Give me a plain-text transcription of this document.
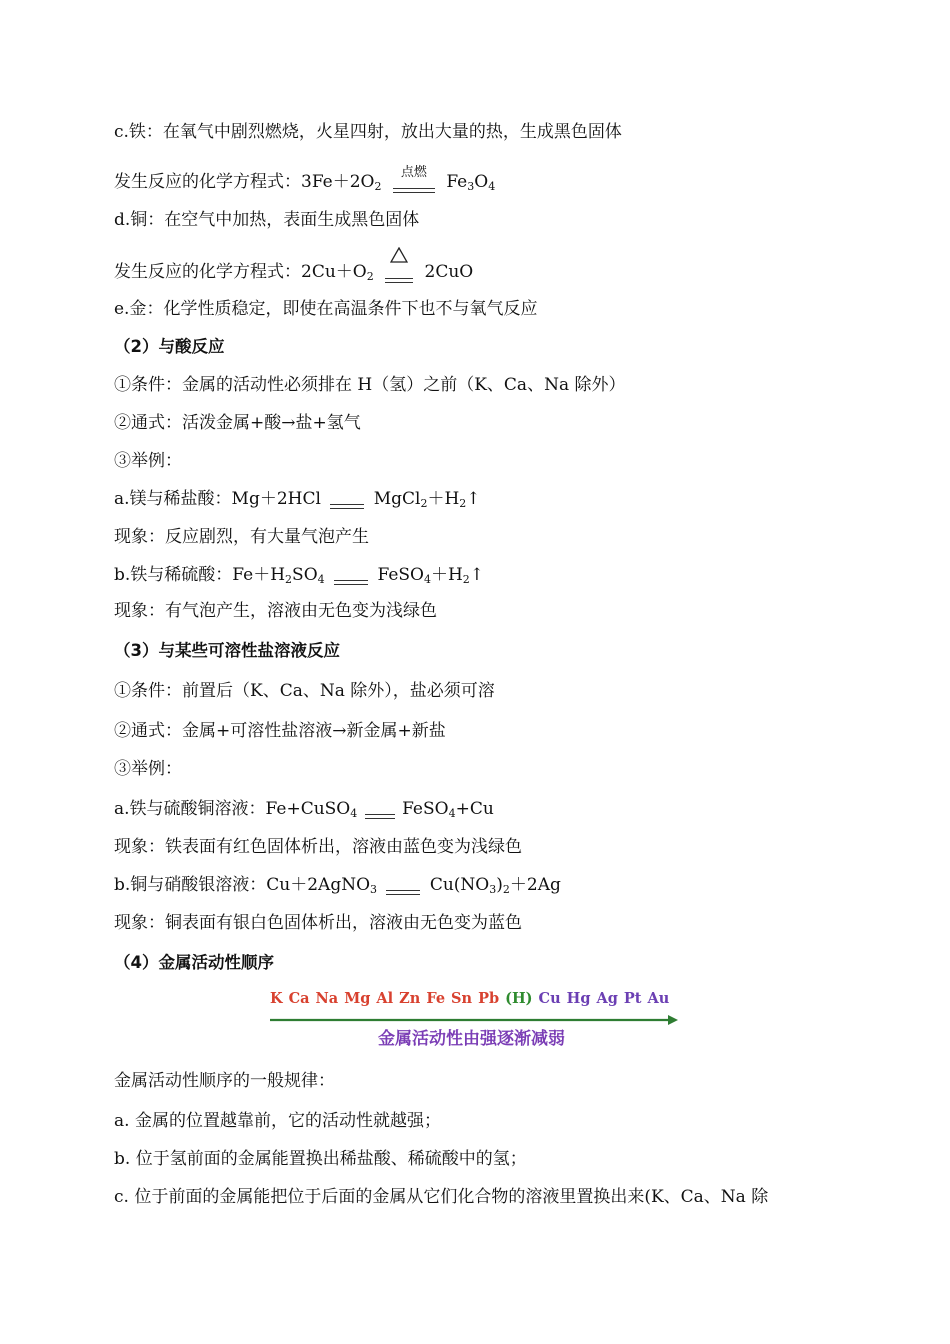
c.铁：在氧气中剧烈燃烧，火星四射，放出大量的热，生成黑色固体
发生反应的化学方程式：$3Fe+2O_2$
点燃	$Fe_3O_4$
d.铜：在空气中加热，表面生成黑色固体
发生反应的化学方程式：$2Cu+O_2$	2CuO
e.金：化学性质稳定，即使在高温条件下也不与氧气反应
（2）与酸反应
①条件：金属的活动性必须排在 H（氢）之前（K、Ca、Na 除外）
②通式：活泼金属+酸→盐+氢气
③举例：
a.镁与稀盐酸：Mg＋2HCl	$MgCl_2+H_2↑$
现象：反应剧烈，有大量气泡产生
b.铁与稀硫酸：$Fe+H_2SO_4$	$FeSO_4+H_2↑$
现象：有气泡产生，溶液由无色变为浅绿色
（3）与某些可溶性盐溶液反应
①条件：前置后（K、Ca、Na 除外），盐必须可溶
②通式：金属+可溶性盐溶液→新金属+新盐
③举例：
a.铁与硫酸铜溶液：Fe+CuSO$_4$	FeSO$_4$+Cu
现象：铁表面有红色固体析出，溶液由蓝色变为浅绿色
b.铜与硝酸银溶液：Cu＋2AgNO$_3$	$Cu(NO_3)_2+2Ag$
现象：铜表面有银白色固体析出，溶液由无色变为蓝色
（4）金属活动性顺序
K Ca Na Mg Al Zn Fe Sn Pb (H) Cu Hg Ag Pt Au
金属活动性由强逐渐减弱
金属活动性顺序的一般规律：
a. 金属的位置越靠前，它的活动性就越强；
b. 位于氢前面的金属能置换出稀盐酸、稀硫酸中的氢；
c. 位于前面的金属能把位于后面的金属从它们化合物的溶液里置换出来(K、Ca、Na 除
